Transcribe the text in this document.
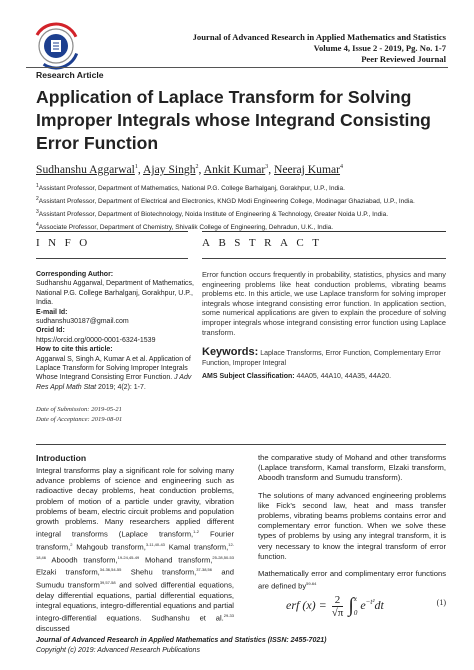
Journal of Advanced Research in Applied Mathematics and Statistics
Volume 4, Issue 2 - 2019, Pg. No. 1-7
Peer Reviewed Journal
Research Article
Application of Laplace Transform for Solving Improper Integrals whose Integrand Consisting Error Function
Sudhanshu Aggarwal$^1$, Ajay Singh$^2$, Ankit Kumar$^3$, Neeraj Kumar$^4$
$^1$Assistant Professor, Department of Mathematics, National P.G. College Barhalganj, Gorakhpur, U.P., India.
$^2$Assistant Professor, Department of Electrical and Electronics, KNGD Modi Engineering College, Modinagar Ghaziabad, U.P., India.
$^3$Assistant Professor, Department of Biotechnology, Noida Institute of Engineering & Technology, Greater Noida U.P., India.
$^4$Associate Professor, Department of Chemistry, Shivalik College of Engineering, Dehradun, U.K., India.
INFO	ABSTRACT
Corresponding Author:
Sudhanshu Aggarwal, Department of Mathematics, National P.G. College Barhalganj, Gorakhpur, U.P., India.
E-mail Id:
sudhanshu30187@gmail.com
Orcid Id:
https://orcid.org/0000-0001-6324-1539
How to cite this article:
Aggarwal S, Singh A, Kumar A et al. Application of Laplace Transform for Solving Improper Integrals Whose Integrand Consisting Error Function. J Adv Res Appl Math Stat 2019; 4(2): 1-7.
Date of Submission: 2019-05-21
Date of Acceptance: 2019-08-01
Error function occurs frequently in probability, statistics, physics and many engineering problems like heat conduction problems, vibrating beams problems etc. In this article, we use Laplace transform for solving improper integrals whose integrand consisting error function. In application section, some numerical applications are given to explain the procedure of solving improper integrals whose integrand consisting error function using Laplace transform.
Keywords: Laplace Transforms, Error Function, Complementary Error Function, Improper Integral
AMS Subject Classification: 44A05, 44A10, 44A35, 44A20.
Introduction
Integral transforms play a significant role for solving many advance problems of science and engineering such as radioactive decay problems, heat conduction problems, problem of motion of a particle under gravity, vibration problems of beam, electric circuit problems and population growth problems. Many researchers applied different integral transforms (Laplace transform,$^{1-2}$ Fourier transform,$^2$ Mahgoub transform,$^{3-11,40-43}$ Kamal transform,$^{12-18,46}$ Aboodh transform,$^{19-24,45-49}$ Mohand transform,$^{25-28,50-53}$ Elzaki transform,$^{34-36,54-55}$ Shehu transform,$^{37-38,56}$ and Sumudu transform$^{39,57-58}$ and solved differential equations, delay differential equations, partial differential equations, integral equations, integro-differential equations and partial integro-differential equations. Sudhanshu et al.$^{29-33}$ discussed

the comparative study of Mohand and other transforms (Laplace transform, Kamal transform, Elzaki transform, Aboodh transform and Sumudu transform).

The solutions of many advanced engineering problems like Fick’s second law, heat and mass transfer problems, vibrating beams problems contains error and complementary error function. When we solve these types of problems by using any integral transform, it is very necessary to know the integral transform of error function.

Mathematically error and complimentary error functions are defined $by^{59-64}$

erf $(x) = \frac{2}{√\pi}$ ∫ x
0
$e^{-t^2}dt$	(1)
Journal of Advanced Research in Applied Mathematics and Statistics (ISSN: 2455-7021)
Copyright (c) 2019: Advanced Research Publications
